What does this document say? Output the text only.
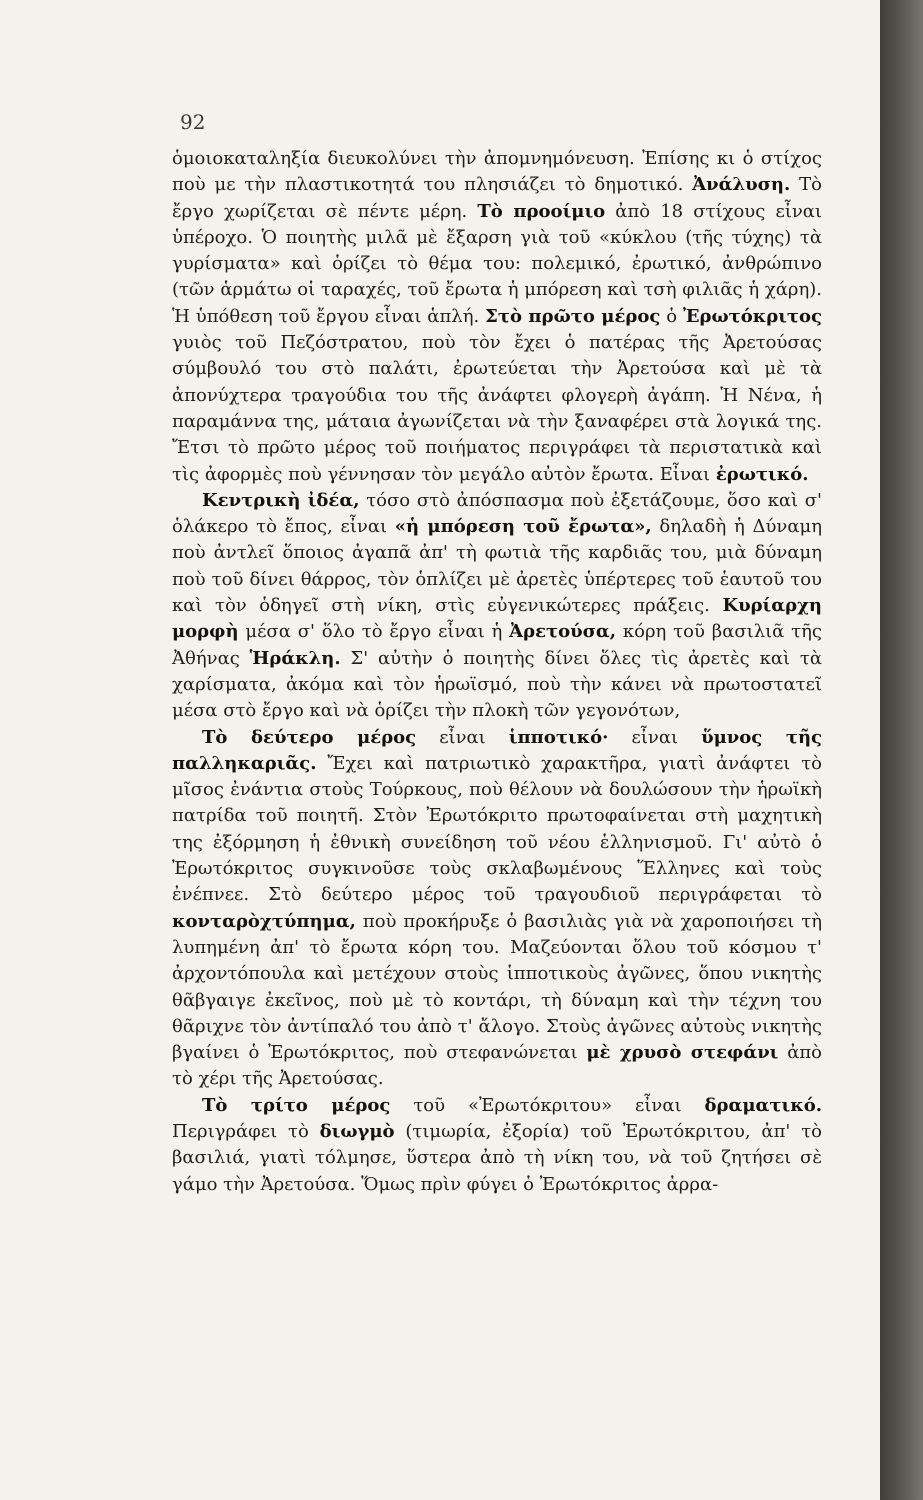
92

ὁμοιοκαταληξία διευκολύνει τὴν ἀπομνημόνευση. Ἐπίσης κι ὁ στίχος ποὺ με τὴν πλαστικοτητά του πλησιάζει τὸ δημοτικό. Ἀνάλυση. Τὸ ἔργο χωρίζεται σὲ πέντε μέρη. Τὸ προοίμιο ἀπὸ 18 στίχους εἶναι ὑπέροχο. Ὁ ποιητὴς μιλᾶ μὲ ἔξαρση γιὰ τοῦ «κύκλου (τῆς τύχης) τὰ γυρίσματα» καὶ ὁρίζει τὸ θέμα του: πολεμικό, ἐρωτικό, ἀνθρώπινο (τῶν ἁρμάτω οἱ ταραχές, τοῦ ἔρωτα ἡ μπόρεση καὶ τσὴ φιλιᾶς ἡ χάρη). Ἡ ὑπόθεση τοῦ ἔργου εἶναι ἁπλή. Στὸ πρῶτο μέρος ὁ Ἐρωτόκριτος γυιὸς τοῦ Πεζόστρατου, ποὺ τὸν ἔχει ὁ πατέρας τῆς Ἀρετούσας σύμβουλό του στὸ παλάτι, ἐρωτεύεται τὴν Ἀρετούσα καὶ μὲ τὰ ἀπονύχτερα τραγούδια του τῆς ἀνάφτει φλογερὴ ἀγάπη. Ἡ Νένα, ἡ παραμάννα της, μάταια ἀγωνίζεται νὰ τὴν ξαναφέρει στὰ λογικά της. Ἔτσι τὸ πρῶτο μέρος τοῦ ποιήματος περιγράφει τὰ περιστατικὰ καὶ τὶς ἀφορμὲς ποὺ γέννησαν τὸν μεγάλο αὐτὸν ἔρωτα. Εἶναι ἐρωτικό.

Κεντρικὴ ἰδέα, τόσο στὸ ἀπόσπασμα ποὺ ἐξετάζουμε, ὅσο καὶ σ' ὁλάκερο τὸ ἔπος, εἶναι «ἡ μπόρεση τοῦ ἔρωτα», δηλαδὴ ἡ Δύναμη ποὺ ἀντλεῖ ὅποιος ἀγαπᾶ ἀπ' τὴ φωτιὰ τῆς καρδιᾶς του, μιὰ δύναμη ποὺ τοῦ δίνει θάρρος, τὸν ὁπλίζει μὲ ἀρετὲς ὑπέρτερες τοῦ ἑαυτοῦ του καὶ τὸν ὁδηγεῖ στὴ νίκη, στὶς εὐγενικώτερες πράξεις. Κυρίαρχη μορφὴ μέσα σ' ὅλο τὸ ἔργο εἶναι ἡ Ἀρετούσα, κόρη τοῦ βασιλιᾶ τῆς Ἀθήνας Ἡράκλη. Σ' αὐτὴν ὁ ποιητὴς δίνει ὅλες τὶς ἀρετὲς καὶ τὰ χαρίσματα, ἀκόμα καὶ τὸν ἡρωϊσμό, ποὺ τὴν κάνει νὰ πρωτοστατεῖ μέσα στὸ ἔργο καὶ νὰ ὁρίζει τὴν πλοκὴ τῶν γεγονότων,

Τὸ δεύτερο μέρος εἶναι ἱπποτικό· εἶναι ὕμνος τῆς παλληκαριᾶς. Ἔχει καὶ πατριωτικὸ χαρακτῆρα, γιατὶ ἀνάφτει τὸ μῖσος ἐνάντια στοὺς Τούρκους, ποὺ θέλουν νὰ δουλώσουν τὴν ἡρωϊκὴ πατρίδα τοῦ ποιητῆ. Στὸν Ἐρωτόκριτο πρωτοφαίνεται στὴ μαχητικὴ της ἐξόρμηση ἡ ἐθνικὴ συνείδηση τοῦ νέου ἑλληνισμοῦ. Γι' αὐτὸ ὁ Ἐρωτόκριτος συγκινοῦσε τοὺς σκλαβωμένους Ἕλληνες καὶ τοὺς ἐνέπνεε. Στὸ δεύτερο μέρος τοῦ τραγουδιοῦ περιγράφεται τὸ κονταρὸχτύπημα, ποὺ προκήρυξε ὁ βασιλιὰς γιὰ νὰ χαροποιήσει τὴ λυπημένη ἀπ' τὸ ἔρωτα κόρη του. Μαζεύονται ὅλου τοῦ κόσμου τ' ἀρχοντόπουλα καὶ μετέχουν στοὺς ἱπποτικοὺς ἀγῶνες, ὅπου νικητὴς θᾶβγαιγε ἐκεῖνος, ποὺ μὲ τὸ κοντάρι, τὴ δύναμη καὶ τὴν τέχνη του θᾶριχνε τὸν ἀντίπαλό του ἀπὸ τ' ἄλογο. Στοὺς ἀγῶνες αὐτοὺς νικητὴς βγαίνει ὁ Ἐρωτόκριτος, ποὺ στεφανώνεται μὲ χρυσὸ στεφάνι ἀπὸ τὸ χέρι τῆς Ἀρετούσας.

Τὸ τρίτο μέρος τοῦ «Ἐρωτόκριτου» εἶναι δραματικό. Περιγράφει τὸ διωγμὸ (τιμωρία, ἐξορία) τοῦ Ἐρωτόκριτου, ἀπ' τὸ βασιλιά, γιατὶ τόλμησε, ὕστερα ἀπὸ τὴ νίκη του, νὰ τοῦ ζητήσει σὲ γάμο τὴν Ἀρετούσα. Ὅμως πρὶν φύγει ὁ Ἐρωτόκριτος ἀρρα-
